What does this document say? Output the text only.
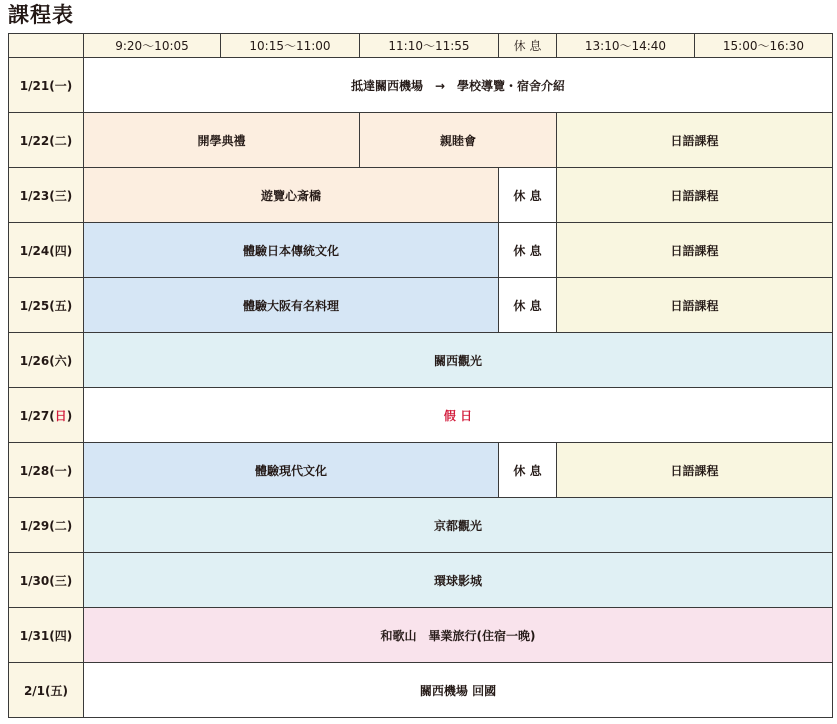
課程表
	9:20～10:05	10:15～11:00	11:10～11:55	休 息	13:10～14:40	15:00～16:30
1/21(一)	抵達關西機場　→　學校導覽・宿舍介紹					
1/22(二)	開學典禮		親睦會		日語課程	
1/23(三)	遊覽心斎橋			休 息	日語課程	
1/24(四)	體驗日本傳統文化			休 息	日語課程	
1/25(五)	體驗大阪有名料理			休 息	日語課程	
1/26(六)	關西觀光					
1/27(日)	假 日					
1/28(一)	體驗現代文化			休 息	日語課程	
1/29(二)	京都觀光					
1/30(三)	環球影城					
1/31(四)	和歌山　畢業旅行(住宿一晚)					
2/1(五)	關西機場 回國					
